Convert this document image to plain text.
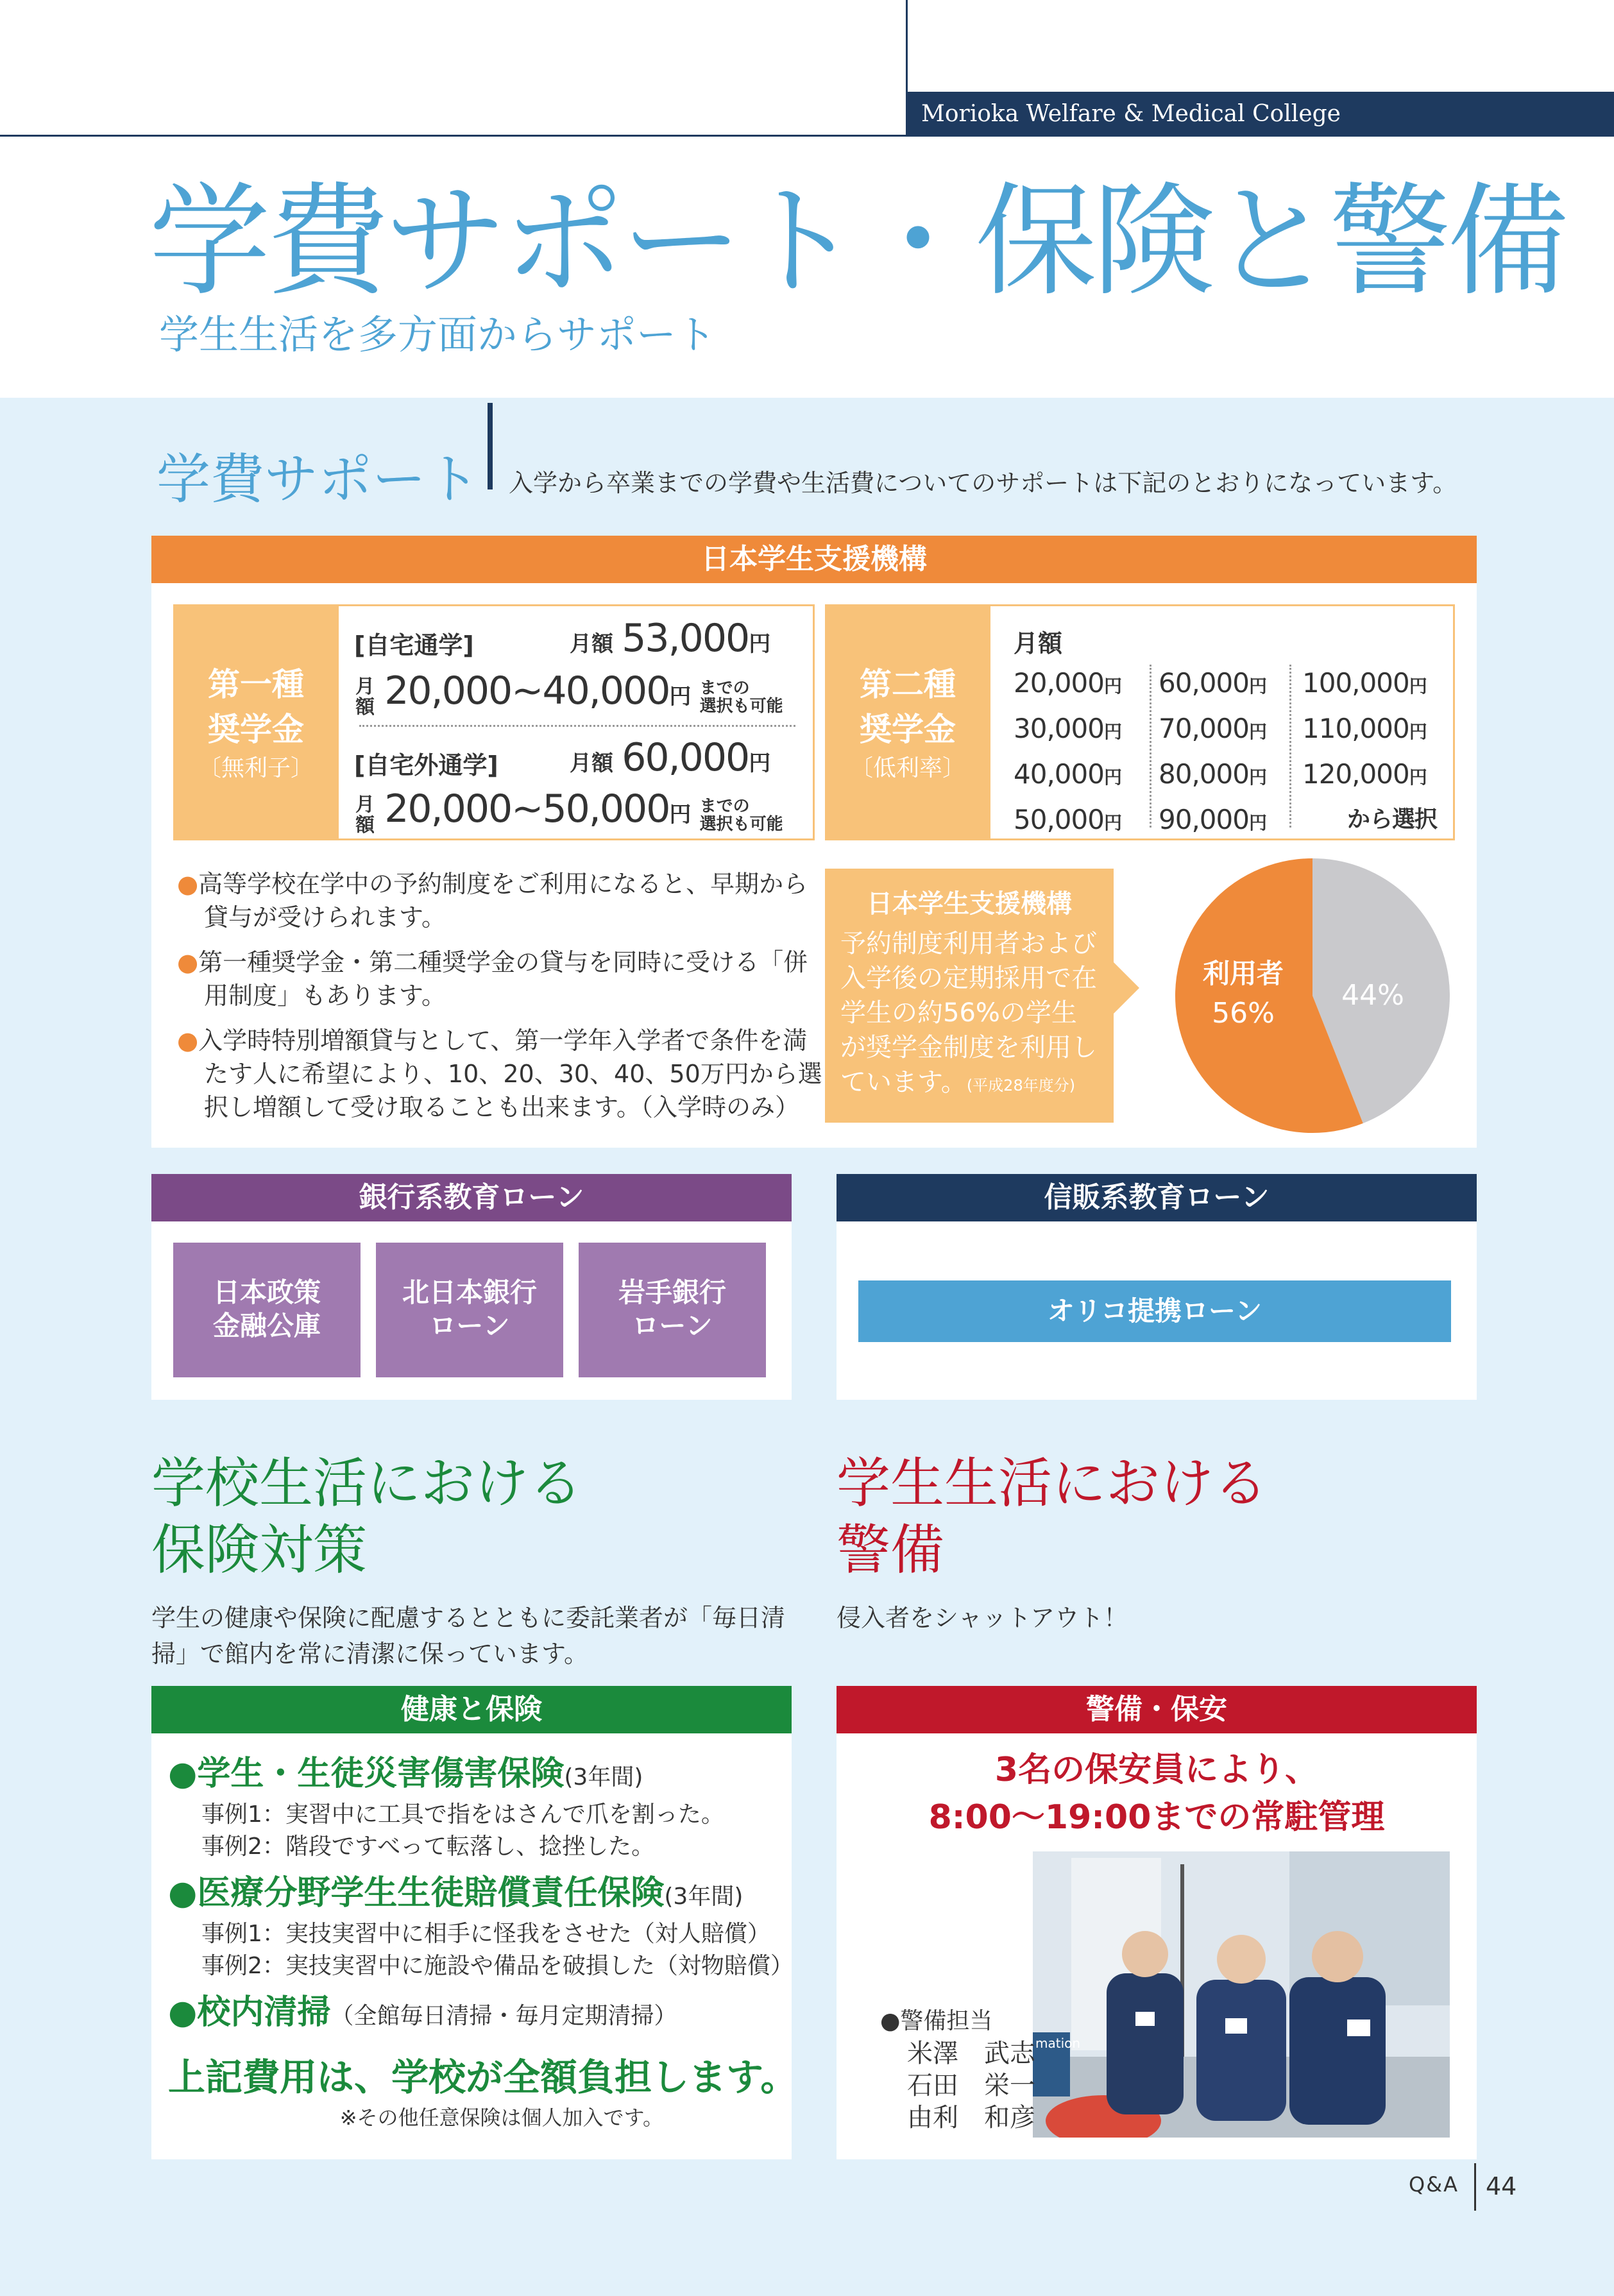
Morioka Welfare & Medical College
学費サポート・保険と警備
学生生活を多方面からサポート
学費サポート 入学から卒業までの学費や生活費についてのサポートは下記のとおりになっています。
日本学生支援機構
第一種
奨学金
〔無利子〕
[自宅通学]	月額 53,000円
月
額 20,000~40,000円 までの
選択も可能
[自宅外通学]	月額 60,000円
月
額 20,000~50,000円 までの
選択も可能
第二種
奨学金
〔低利率〕
月額
20,000円
30,000円
40,000円
50,000円
60,000円
70,000円
80,000円
90,000円
100,000円
110,000円
120,000円
から選択
●高等学校在学中の予約制度をご利用になると、早期から貸与が受けられます。
●第一種奨学金・第二種奨学金の貸与を同時に受ける「併用制度」もあります。
●入学時特別増額貸与として、第一学年入学者で条件を満たす人に希望により、10、20、30、40、50万円から選択し増額して受け取ることも出来ます。（入学時のみ）
日本学生支援機構
予約制度利用者および入学後の定期採用で在学生の約56%の学生が奨学金制度を利用しています。(平成28年度分)
利用者
56%
44%
銀行系教育ローン
日本政策
金融公庫
北日本銀行
ローン
岩手銀行
ローン
信販系教育ローン
オリコ提携ローン
学校生活における
保険対策
学生の健康や保険に配慮するとともに委託業者が「毎日清掃」で館内を常に清潔に保っています。
健康と保険
●学生・生徒災害傷害保険(3年間)
事例1：実習中に工具で指をはさんで爪を割った。
事例2：階段ですべって転落し、捻挫した。
●医療分野学生生徒賠償責任保険(3年間)
事例1：実技実習中に相手に怪我をさせた（対人賠償）
事例2：実技実習中に施設や備品を破損した（対物賠償）
●校内清掃（全館毎日清掃・毎月定期清掃）
上記費用は、学校が全額負担します。
※その他任意保険は個人加入です。
学生生活における
警備
侵入者をシャットアウト！
警備・保安
3名の保安員により、
8:00～19:00までの常駐管理
mation
●警備担当
米澤　武志
石田　栄一
由利　和彦
Q&A 44
